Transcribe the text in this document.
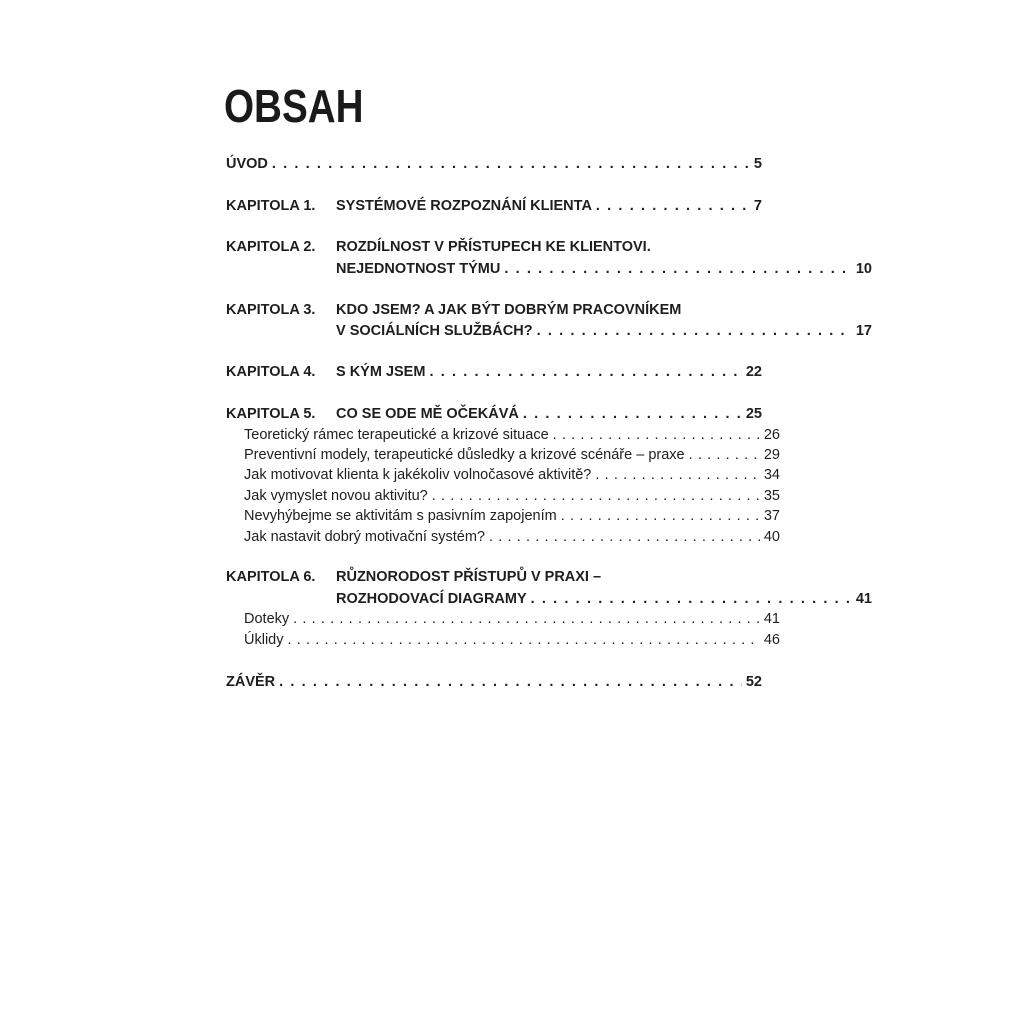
OBSAH
ÚVOD . . .	5
KAPITOLA 1.	SYSTÉMOVÉ ROZPOZNÁNÍ KLIENTA . . .	7
KAPITOLA 2.	ROZDÍLNOST V PŘÍSTUPECH KE KLIENTOVI.
NEJEDNOTNOST TÝMU . . .	10
KAPITOLA 3.	KDO JSEM? A JAK BÝT DOBRÝM PRACOVNÍKEM
V SOCIÁLNÍCH SLUŽBÁCH? . . .	17
KAPITOLA 4.	S KÝM JSEM . . .	22
KAPITOLA 5.	CO SE ODE MĚ OČEKÁVÁ . . .	25
Teoretický rámec terapeutické a krizové situace . . .	26
Preventivní modely, terapeutické důsledky a krizové scénáře – praxe . . .	29
Jak motivovat klienta k jakékoliv volnočasové aktivitě? . . .	34
Jak vymyslet novou aktivitu? . . .	35
Nevyhýbejme se aktivitám s pasivním zapojením . . .	37
Jak nastavit dobrý motivační systém? . . .	40
KAPITOLA 6.	RŮZNORODOST PŘÍSTUPŮ V PRAXI –
ROZHODOVACÍ DIAGRAMY . . .	41
Doteky . . .	41
Úklidy . . .	46
ZÁVĚR . . .	52
